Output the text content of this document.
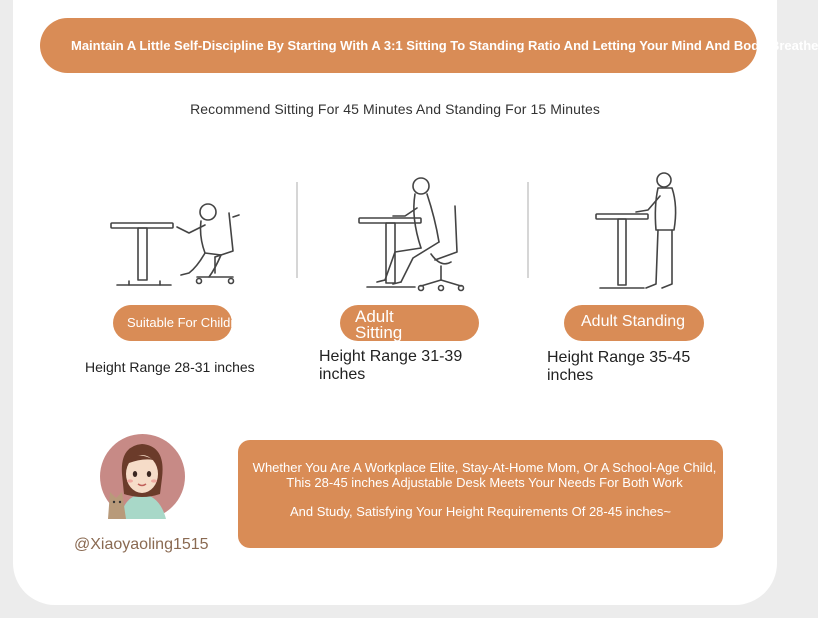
Maintain A Little Self-Discipline By Starting With A 3:1 Sitting To Standing Ratio And Letting Your Mind And Body Breathe
Recommend Sitting For 45 Minutes And Standing For 15 Minutes
Suitable For Children
Height Range 28-31 inches
Adult Sitting
Height Range 31-39 inches
Adult Standing
Height Range 35-45 inches
@Xiaoyaoling1515
Whether You Are A Workplace Elite, Stay-At-Home Mom, Or A School-Age Child, This 28-45 inches Adjustable Desk Meets Your Needs For Both Work
And Study, Satisfying Your Height Requirements Of 28-45 inches~
